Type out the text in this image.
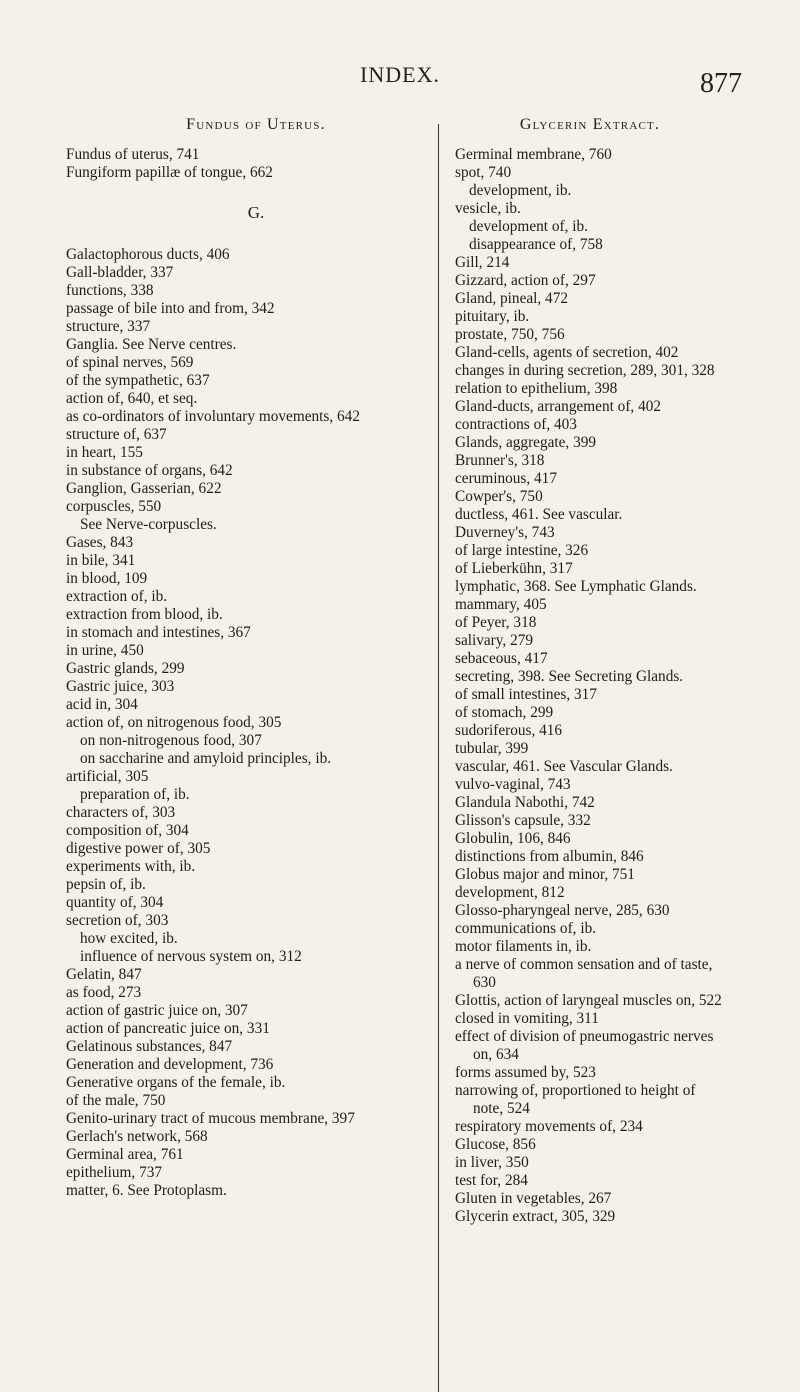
INDEX.	877
Fundus of Uterus.

Fundus of uterus, 741

Fungiform papillæ of tongue, 662

G.

Galactophorous ducts, 406

Gall-bladder, 337

functions, 338

passage of bile into and from, 342

structure, 337

Ganglia. See Nerve centres.

of spinal nerves, 569

of the sympathetic, 637

action of, 640, et seq.

as co-ordinators of involuntary movements, 642

structure of, 637

in heart, 155

in substance of organs, 642

Ganglion, Gasserian, 622

corpuscles, 550

See Nerve-corpuscles.

Gases, 843

in bile, 341

in blood, 109

extraction of, ib.

extraction from blood, ib.

in stomach and intestines, 367

in urine, 450

Gastric glands, 299

Gastric juice, 303

acid in, 304

action of, on nitrogenous food, 305

on non-nitrogenous food, 307

on saccharine and amyloid principles, ib.

artificial, 305

preparation of, ib.

characters of, 303

composition of, 304

digestive power of, 305

experiments with, ib.

pepsin of, ib.

quantity of, 304

secretion of, 303

how excited, ib.

influence of nervous system on, 312

Gelatin, 847

as food, 273

action of gastric juice on, 307

action of pancreatic juice on, 331

Gelatinous substances, 847

Generation and development, 736

Generative organs of the female, ib.

of the male, 750

Genito-urinary tract of mucous membrane, 397

Gerlach's network, 568

Germinal area, 761

epithelium, 737

matter, 6. See Protoplasm.

Glycerin Extract.

Germinal membrane, 760

spot, 740

development, ib.

vesicle, ib.

development of, ib.

disappearance of, 758

Gill, 214

Gizzard, action of, 297

Gland, pineal, 472

pituitary, ib.

prostate, 750, 756

Gland-cells, agents of secretion, 402

changes in during secretion, 289, 301, 328

relation to epithelium, 398

Gland-ducts, arrangement of, 402

contractions of, 403

Glands, aggregate, 399

Brunner's, 318

ceruminous, 417

Cowper's, 750

ductless, 461. See vascular.

Duverney's, 743

of large intestine, 326

of Lieberkühn, 317

lymphatic, 368. See Lymphatic Glands.

mammary, 405

of Peyer, 318

salivary, 279

sebaceous, 417

secreting, 398. See Secreting Glands.

of small intestines, 317

of stomach, 299

sudoriferous, 416

tubular, 399

vascular, 461. See Vascular Glands.

vulvo-vaginal, 743

Glandula Nabothi, 742

Glisson's capsule, 332

Globulin, 106, 846

distinctions from albumin, 846

Globus major and minor, 751

development, 812

Glosso-pharyngeal nerve, 285, 630

communications of, ib.

motor filaments in, ib.

a nerve of common sensation and of taste, 630

Glottis, action of laryngeal muscles on, 522

closed in vomiting, 311

effect of division of pneumogastric nerves on, 634

forms assumed by, 523

narrowing of, proportioned to height of note, 524

respiratory movements of, 234

Glucose, 856

in liver, 350

test for, 284

Gluten in vegetables, 267

Glycerin extract, 305, 329
